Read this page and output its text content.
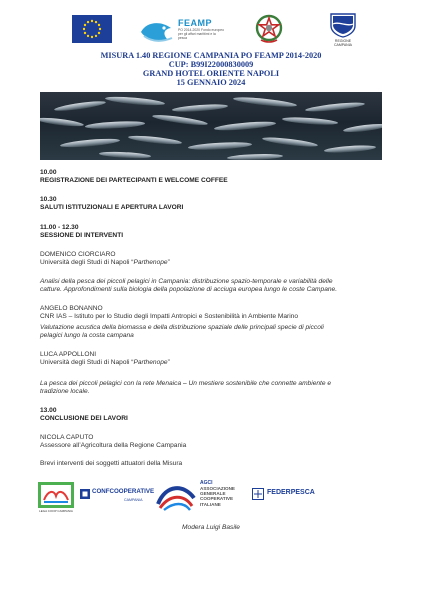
FEAMP
PO 2014-2020 Fondo europeo per gli affari marittimi e la pesca
REGIONE CAMPANIA
MISURA 1.40 REGIONE CAMPANIA PO FEAMP 2014-2020
CUP: B99I22000830009
GRAND HOTEL ORIENTE NAPOLI
15 GENNAIO 2024
10.00
REGISTRAZIONE DEI PARTECIPANTI E WELCOME COFFEE
10.30
SALUTI ISTITUZIONALI E APERTURA LAVORI
11.00 - 12.30
SESSIONE DI INTERVENTI
DOMENICO CIORCIARO
Università degli Studi di Napoli “Parthenope”
Analisi della pesca dei piccoli pelagici in Campania: distribuzione spazio-temporale e variabilità delle
catture. Approfondimenti sulla biologia della popolazione di acciuga europea lungo le coste Campane.
ANGELO BONANNO
CNR IAS – Istituto per lo Studio degli Impatti Antropici e Sostenibilità in Ambiente Marino
Valutazione acustica della biomassa e della distribuzione spaziale delle principali specie di piccoli
pelagici lungo la costa campana
LUCA APPOLLONI
Università degli Studi di Napoli “Parthenope”
La pesca dei piccoli pelagici con la rete Menaica – Un mestiere sostenibile che connette ambiente e
tradizione locale.
13.00
CONCLUSIONE DEI LAVORI
NICOLA CAPUTO
Assessore all’Agricoltura della Regione Campania
Brevi interventi dei soggetti attuatori della Misura
LEGA COOP CAMPANIA
CONFCOOPERATIVE
CAMPANIA
AGCI
ASSOCIAZIONE
GENERALE
COOPERATIVE
ITALIANE
FEDERPESCA
Modera Luigi Basile
